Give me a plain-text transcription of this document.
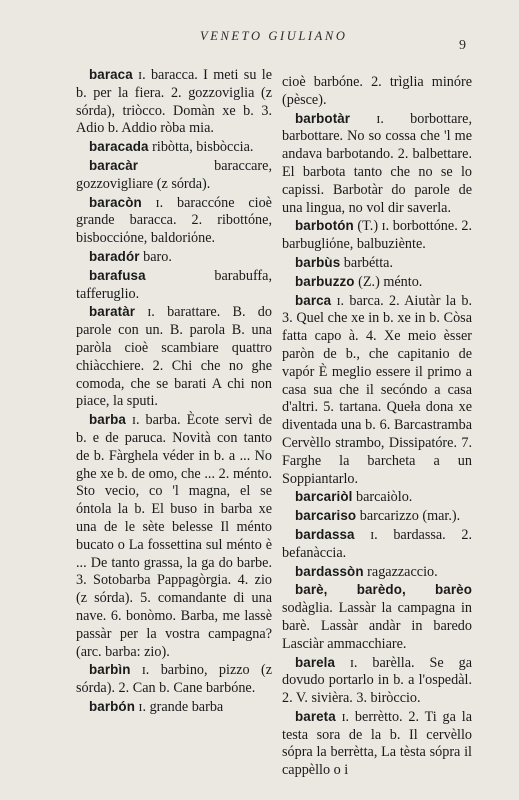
VENETO GIULIANO
9

baraca ɪ. baracca. I meti su le b. per la fiera. 2. gozzoviglia (z sórda), triòcco. Domàn xe b. 3. Adio b. Addio ròba mia.

baracada ribòtta, bisbòccia.

baracàr baraccare, gozzovigliare (z sórda).

baracòn ɪ. baraccóne cioè grande baracca. 2. ribottóne, bisbocciόne, baldoriόne.

baradór baro.

barafusa barabuffa, tafferuglio.

baratàr ɪ. barattare. B. do parole con un. B. parola B. una paròla cioè scambiare quattro chiàcchiere. 2. Chi che no ghe comoda, che se barati A chi non piace, la sputi.

barba ɪ. barba. Ècote servì de b. e de paruca. Novità con tanto de b. Fàrghela véder in b. a ... No ghe xe b. de omo, che ... 2. ménto. Sto vecio, co 'l magna, el se óntola la b. El buso in barba xe una de le sète belesse Il ménto bucato o La fossettina sul ménto è ... De tanto grassa, la ga do barbe. 3. Sotobarba Pappagòrgia. 4. zio (z sórda). 5. comandante di una nave. 6. bonòmo. Barba, me lassè passàr per la vostra campagna? (arc. barba: zio).

barbìn ɪ. barbino, pizzo (z sórda). 2. Can b. Cane barbóne.

barbón ɪ. grande barba

cioè barbóne. 2. trìglia minóre (pèsce).

barbotàr ɪ. borbottare, barbottare. No so cossa che 'l me andava barbotando. 2. balbettare. El barbota tanto che no se lo capissi. Barbotàr do parole de una lingua, no vol dir saverla.

barbotón (T.) ɪ. borbottóne. 2. barbugliόne, balbuziènte.

barbùs barbétta.

barbuzzo (Z.) ménto.

barca ɪ. barca. 2. Aiutàr la b. 3. Quel che xe in b. xe in b. Còsa fatta capo à. 4. Xe meio èsser paròn de b., che capitanio de vapór È meglio essere il primo a casa sua che il secóndo a casa d'altri. 5. tartana. Queła dona xe diventada una b. 6. Barcastramba Cervèllo strambo, Dissipatóre. 7. Farghe la barcheta a un Soppiantarlo.

barcariòl barcaiòlo.

barcariso barcarizzo (mar.).

bardassa ɪ. bardassa. 2. befanàccia.

bardassòn ragazzaccio.

barè, barèdo, barèo sodàglia. Lassàr la campagna in barè. Lassàr andàr in baredo Lasciàr ammacchiare.

barela ɪ. barèlla. Se ga dovudo portarlo in b. a l'ospedàl. 2. V. sivièra. 3. biròccio.

bareta ɪ. berrètto. 2. Ti ga la testa sora de la b. Il cervèllo sópra la berrètta, La tèsta sópra il cappèllo o i
